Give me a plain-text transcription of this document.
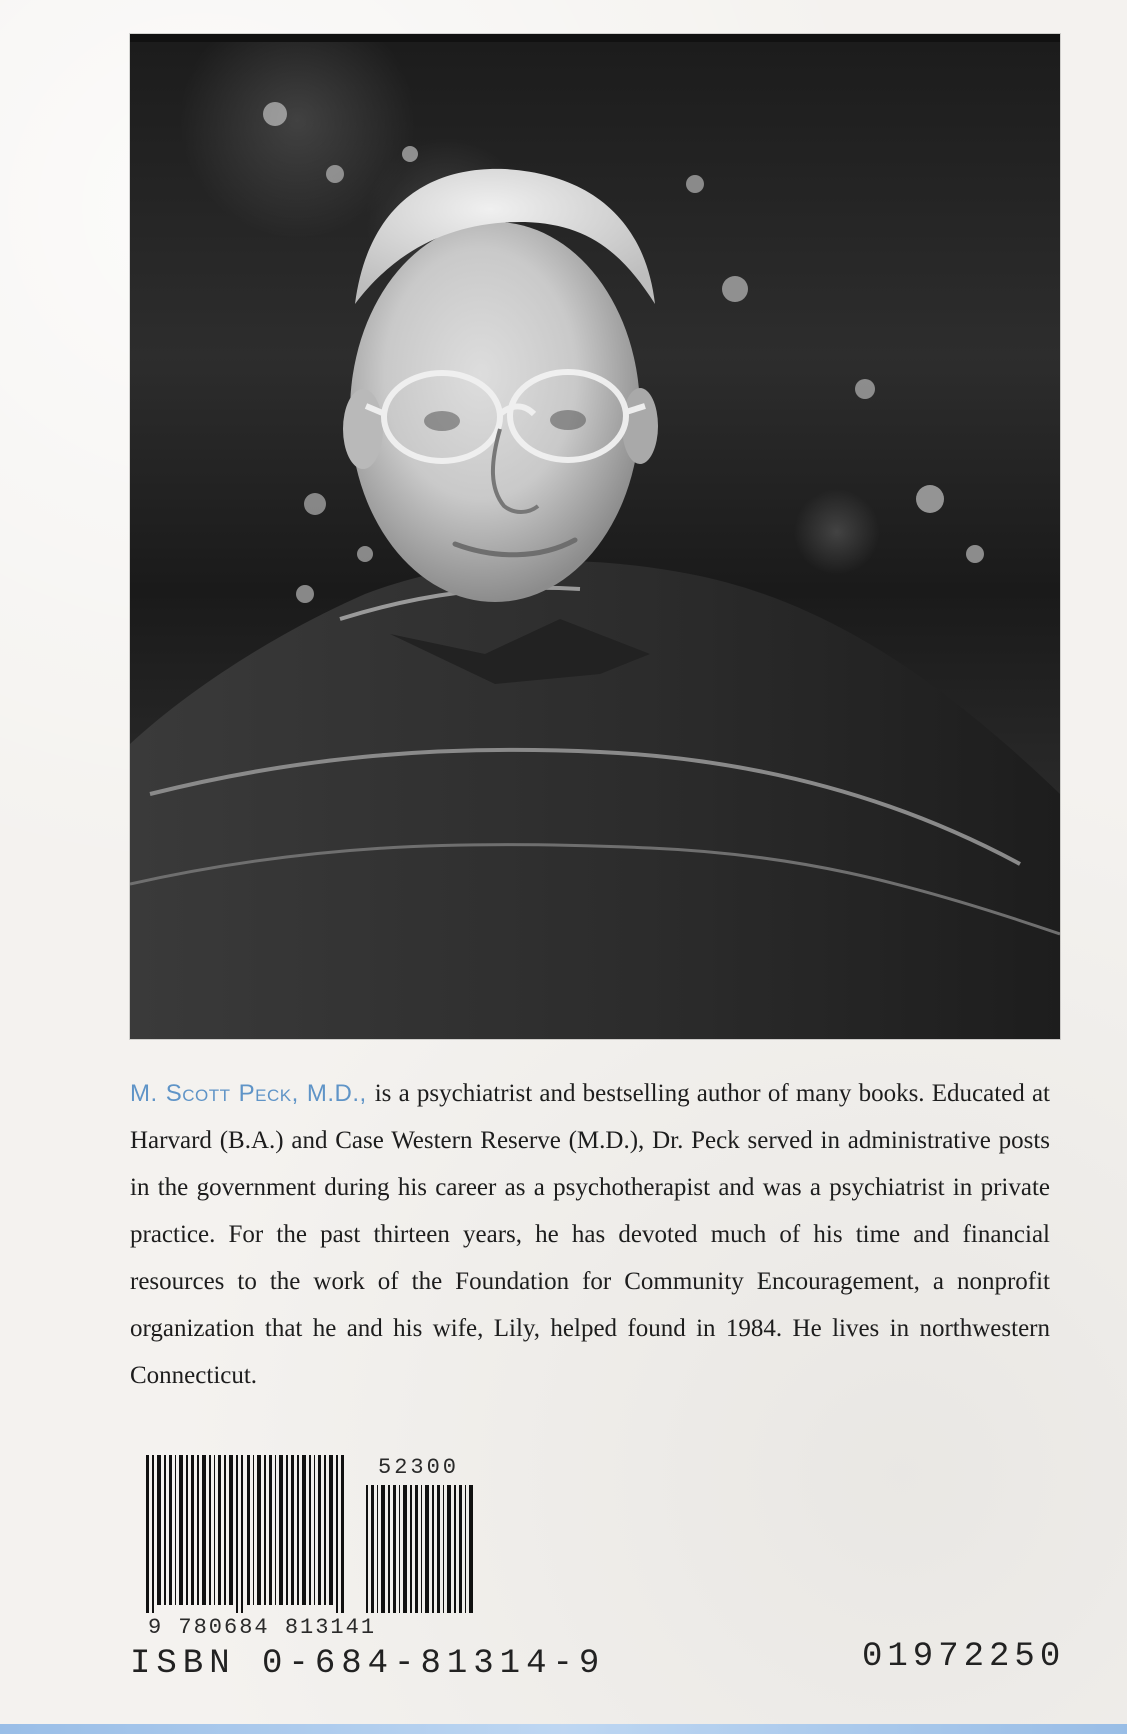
M. Scott Peck, M.D., is a psychiatrist and bestselling author of many books. Educated at Harvard (B.A.) and Case Western Reserve (M.D.), Dr. Peck served in administrative posts in the government during his career as a psychotherapist and was a psychiatrist in private practice. For the past thirteen years, he has devoted much of his time and financial resources to the work of the Foundation for Community Encouragement, a nonprofit organization that he and his wife, Lily, helped found in 1984. He lives in northwestern Connecticut.
52300
9 780684 813141
ISBN 0-684-81314-9	01972250
